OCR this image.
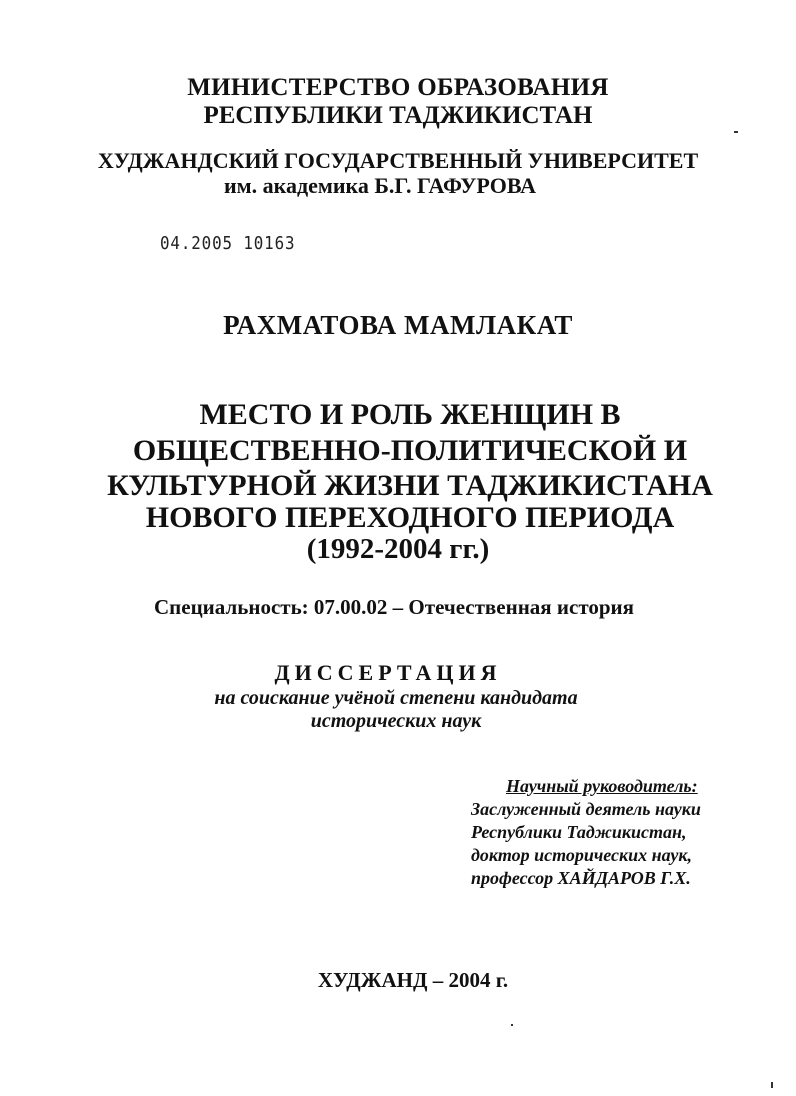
МИНИСТЕРСТВО ОБРАЗОВАНИЯ
РЕСПУБЛИКИ ТАДЖИКИСТАН
ХУДЖАНДСКИЙ ГОСУДАРСТВЕННЫЙ УНИВЕРСИТЕТ
им. академика Б.Г. ГАФУРОВА
04.2005 10163
РАХМАТОВА МАМЛАКАТ
МЕСТО И РОЛЬ ЖЕНЩИН В
ОБЩЕСТВЕННО-ПОЛИТИЧЕСКОЙ И
КУЛЬТУРНОЙ ЖИЗНИ ТАДЖИКИСТАНА
НОВОГО ПЕРЕХОДНОГО ПЕРИОДА
(1992-2004 гг.)
Специальность: 07.00.02 – Отечественная история
ДИССЕРТАЦИЯ
на соискание учёной степени кандидата
исторических наук
Научный руководитель:
Заслуженный деятель науки
Республики Таджикистан,
доктор исторических наук,
профессор ХАЙДАРОВ Г.Х.
ХУДЖАНД – 2004 г.
